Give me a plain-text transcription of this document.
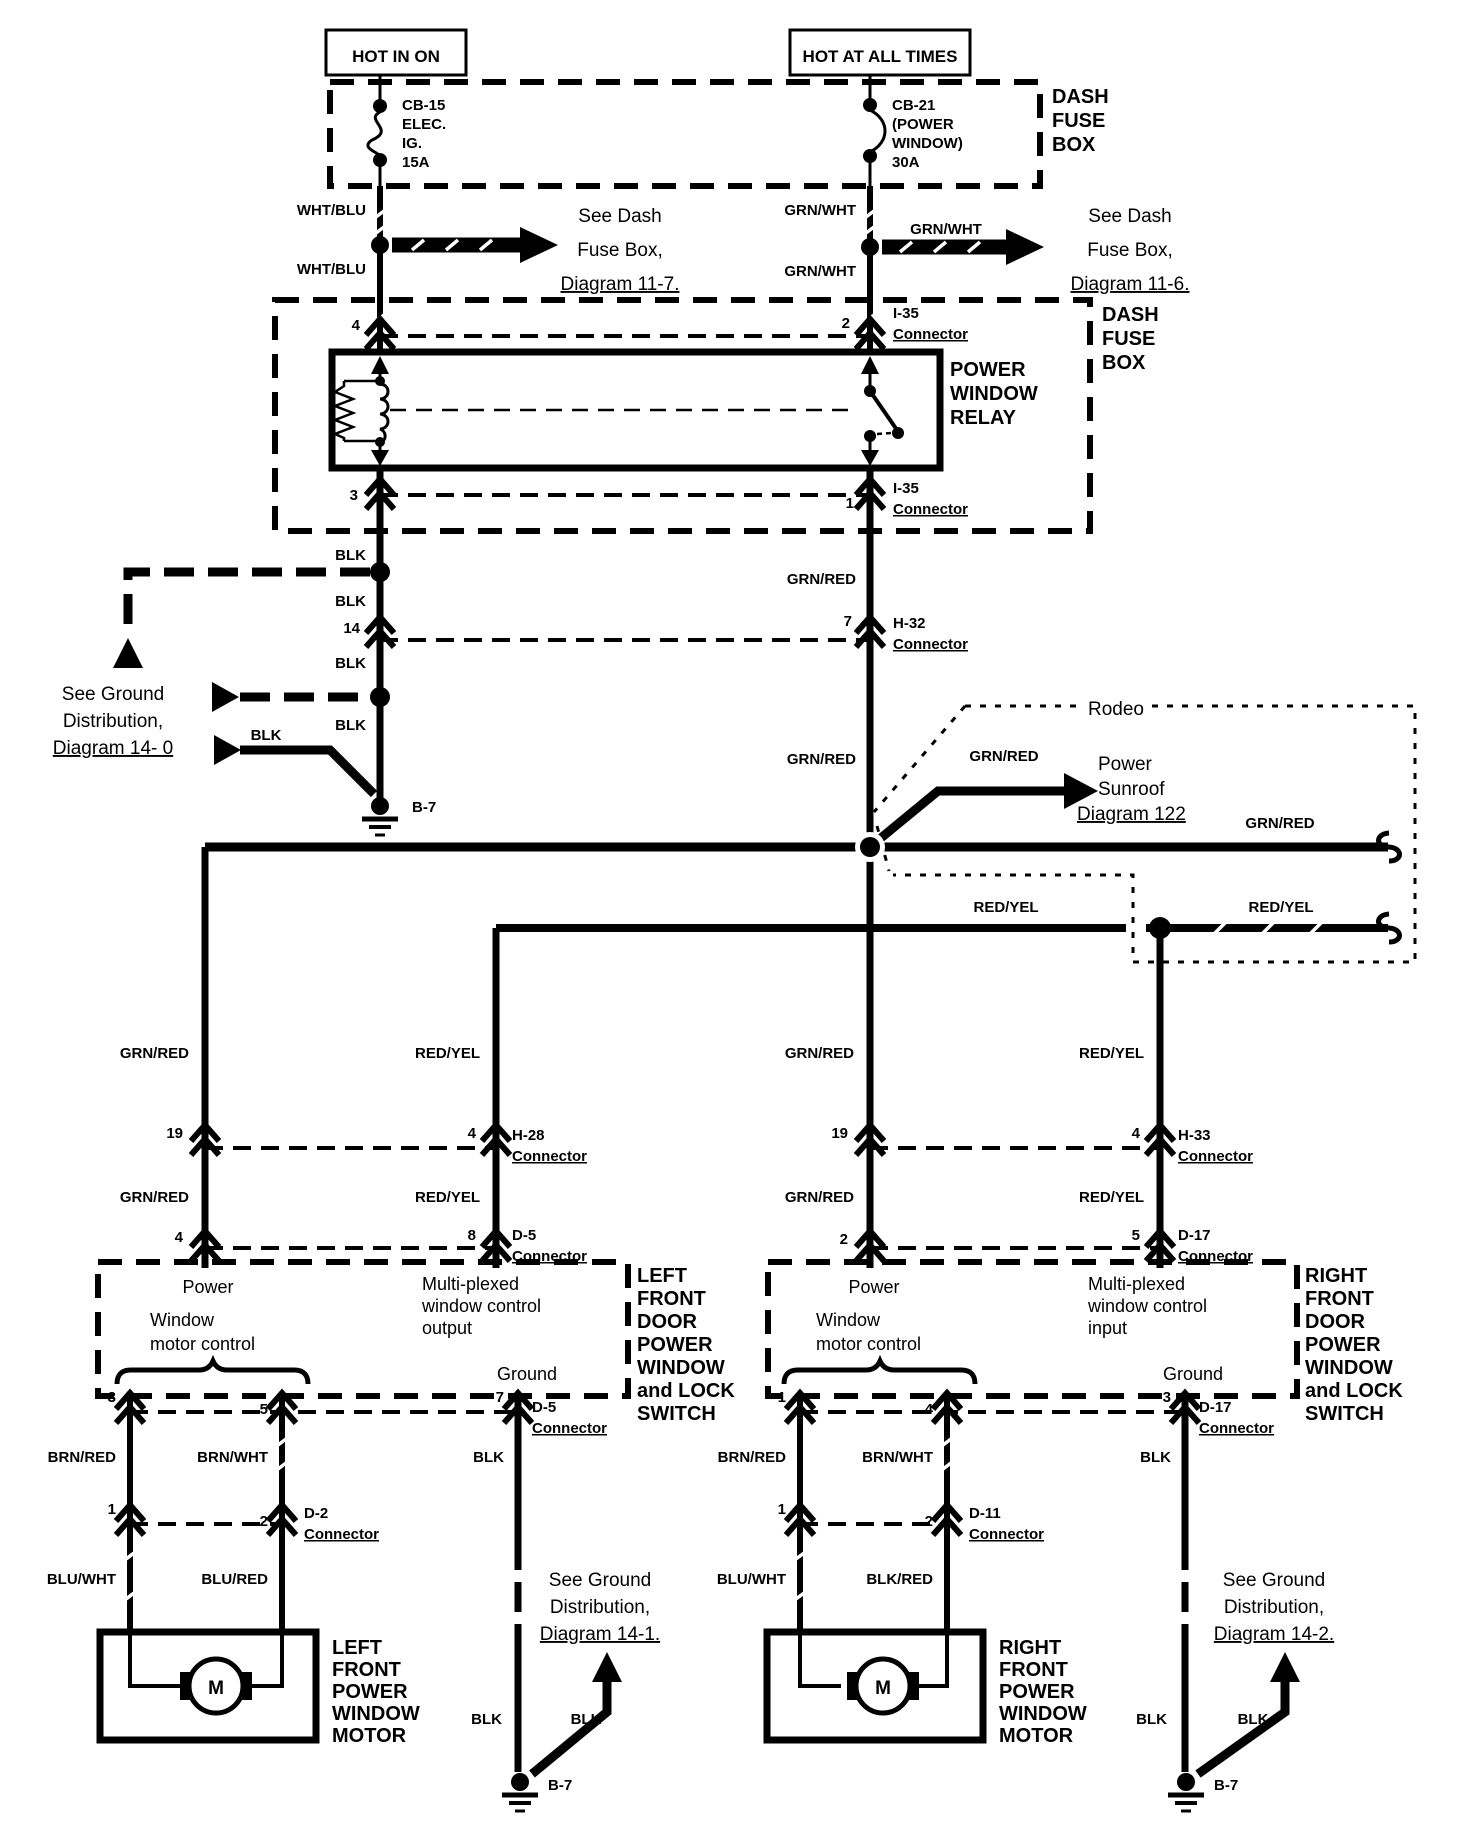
HOT IN ON	HOT AT ALL TIMES
DASH
FUSE
BOX
CB-15
ELEC.
IG.
15A
CB-21
(POWER
WINDOW)
30A
WHT/BLU
WHT/BLU
GRN/WHT
GRN/WHT
See Dash
Fuse Box,
Diagram 11-7.
GRN/WHT
See Dash
Fuse Box,
Diagram 11-6.
DASH
FUSE
BOX
4	2
I-35
Connector
POWER
WINDOW
RELAY
3	1
I-35
Connector
BLK
BLK
14
BLK
BLK
BLK
B-7
See Ground
Distribution,
Diagram 14- 0
7	H-32
Connector
GRN/RED
GRN/RED
Rodeo
GRN/RED	Power
Sunroof
Diagram 122	GRN/RED
RED/YEL	RED/YEL
GRN/RED	RED/YEL	GRN/RED	RED/YEL
19	4 H-28
Connector
19	4	H-33
Connector
GRN/RED	RED/YEL	GRN/RED	RED/YEL
4	8 D-5
Connector
2	5	D-17
Connector
Power
Window
motor control
Multi-plexed
window control
output
Ground
LEFT
FRONT
DOOR
POWER
WINDOW
and LOCK
SWITCH
Power
Window
motor control
Multi-plexed
window control
input
Ground
RIGHT
FRONT
DOOR
POWER
WINDOW
and LOCK
SWITCH
3
5
7
D-5
Connector
BRN/RED	BRN/WHT	BLK
1
2 D-2
Connector
BLU/WHT	BLU/RED
1
4
3
D-17
Connector
BRN/RED	BRN/WHT	BLK
1
2 D-11
Connector
BLU/WHT	BLK/RED
M
LEFT
FRONT
POWER
WINDOW
MOTOR
M
RIGHT
FRONT
POWER
WINDOW
MOTOR
B-7
BLK	BLK
See Ground
Distribution,
Diagram 14-1.
B-7
BLK	BLK
See Ground
Distribution,
Diagram 14-2.
